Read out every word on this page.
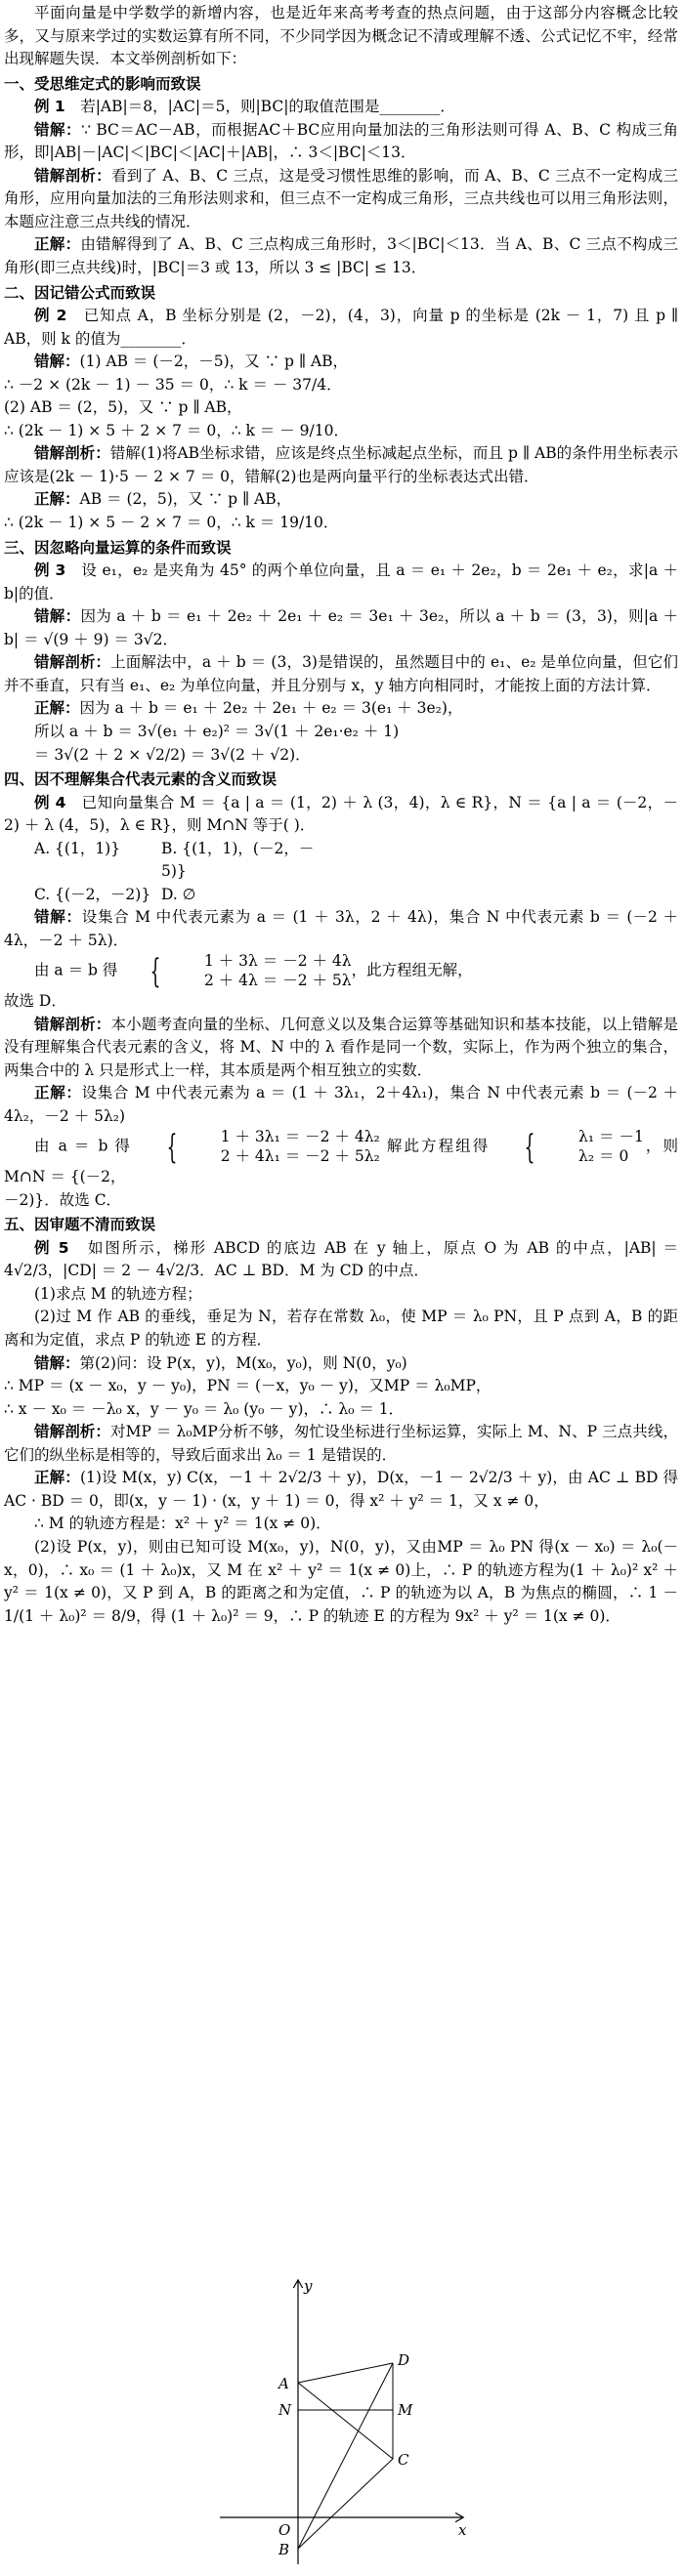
平面向量是中学数学的新增内容，也是近年来高考考查的热点问题，由于这部分内容概念比较多，又与原来学过的实数运算有所不同，不少同学因为概念记不清或理解不透、公式记忆不牢，经常出现解题失误．本文举例剖析如下：

一、受思维定式的影响而致误

例 1　 若|AB|＝8，|AC|＝5，则|BC|的取值范围是________．

错解：∵ BC＝AC－AB，而根据AC＋BC应用向量加法的三角形法则可得 A、B、C 构成三角形，即|AB|－|AC|＜|BC|＜|AC|＋|AB|，∴ 3＜|BC|＜13．

错解剖析：看到了 A、B、C 三点，这是受习惯性思维的影响，而 A、B、C 三点不一定构成三角形，应用向量加法的三角形法则求和，但三点不一定构成三角形，三点共线也可以用三角形法则，本题应注意三点共线的情况．

正解：由错解得到了 A、B、C 三点构成三角形时，3＜|BC|＜13．当 A、B、C 三点不构成三角形(即三点共线)时，|BC|＝3 或 13，所以 3 ≤ |BC| ≤ 13．

二、因记错公式而致误

例 2　 已知点 A，B 坐标分别是 (2，－2)，(4，3)，向量 p 的坐标是 (2k － 1，7) 且 p ∥ AB，则 k 的值为________．

错解：(1) AB ＝ (－2，－5)，又 ∵ p ∥ AB，

∴ －2 × (2k － 1) － 35 ＝ 0，∴ k ＝ － 37/4．

(2) AB ＝ (2，5)，又 ∵ p ∥ AB，

∴ (2k － 1) × 5 ＋ 2 × 7 ＝ 0，∴ k ＝ － 9/10．

错解剖析：错解(1)将AB坐标求错，应该是终点坐标减起点坐标，而且 p ∥ AB的条件用坐标表示应该是(2k － 1)·5 － 2 × 7 ＝ 0，错解(2)也是两向量平行的坐标表达式出错．

正解：AB ＝ (2，5)，又 ∵ p ∥ AB，

∴ (2k － 1) × 5 － 2 × 7 ＝ 0，∴ k ＝ 19/10．

三、因忽略向量运算的条件而致误

例 3　 设 e₁，e₂ 是夹角为 45° 的两个单位向量，且 a ＝ e₁ ＋ 2e₂，b ＝ 2e₁ ＋ e₂，求|a ＋ b|的值．

错解：因为 a ＋ b ＝ e₁ ＋ 2e₂ ＋ 2e₁ ＋ e₂ ＝ 3e₁ ＋ 3e₂，所以 a ＋ b ＝ (3，3)，则|a ＋ b| ＝ √(9 ＋ 9) ＝ 3√2．

错解剖析：上面解法中，a ＋ b ＝ (3，3)是错误的，虽然题目中的 e₁、e₂ 是单位向量，但它们并不垂直，只有当 e₁、e₂ 为单位向量，并且分别与 x，y 轴方向相同时，才能按上面的方法计算．

正解：因为 a ＋ b ＝ e₁ ＋ 2e₂ ＋ 2e₁ ＋ e₂ ＝ 3(e₁ ＋ 3e₂)，

所以 a ＋ b ＝ 3√(e₁ ＋ e₂)² ＝ 3√(1 ＋ 2e₁·e₂ ＋ 1)

＝ 3√(2 ＋ 2 × √2/2) ＝ 3√(2 ＋ √2)．

四、因不理解集合代表元素的含义而致误

例 4　 已知向量集合 M ＝ {a | a ＝ (1，2) ＋ λ (3，4)，λ ∈ R}，N ＝ {a | a ＝ (－2，－2) ＋ λ (4，5)，λ ∈ R}，则 M∩N 等于( )．

A. {(1，1)}	B. {(1，1)，(－2，－5)}
C. {(－2，－2)} D. ∅

错解：设集合 M 中代表元素为 a ＝ (1 ＋ 3λ，2 ＋ 4λ)，集合 N 中代表元素 b ＝ (－2 ＋ 4λ，－2 ＋ 5λ)．

由 a ＝ b 得 {	1 ＋ 3λ ＝ －2 ＋ 4λ
2 ＋ 4λ ＝ －2 ＋ 5λ
，此方程组无解，

故选 D．

错解剖析：本小题考查向量的坐标、几何意义以及集合运算等基础知识和基本技能，以上错解是没有理解集合代表元素的含义，将 M、N 中的 λ 看作是同一个数，实际上，作为两个独立的集合，两集合中的 λ 只是形式上一样，其本质是两个相互独立的实数．

正解：设集合 M 中代表元素为 a ＝ (1 ＋ 3λ₁，2＋4λ₁)，集合 N 中代表元素 b ＝ (－2 ＋ 4λ₂，－2 ＋ 5λ₂)

由 a ＝ b 得	{	1 ＋ 3λ₁ ＝ －2 ＋ 4λ₂
2 ＋ 4λ₁ ＝ －2 ＋ 5λ₂
解此方程组得	{	λ₁ ＝ －1
λ₂ ＝ 0
，则 M∩N ＝ {(－2，

－2)}．故选 C．

五、因审题不清而致误

例 5　 如图所示，梯形 ABCD 的底边 AB 在 y 轴上，原点 O 为 AB 的中点，|AB| ＝ 4√2/3，|CD| ＝ 2 － 4√2/3．AC ⊥ BD．M 为 CD 的中点．

(1)求点 M 的轨迹方程；

(2)过 M 作 AB 的垂线，垂足为 N，若存在常数 λ₀，使 MP ＝ λ₀ PN，且 P 点到 A，B 的距离和为定值，求点 P 的轨迹 E 的方程．

错解：第(2)问：设 P(x，y)，M(x₀，y₀)，则 N(0，y₀)

∴ MP ＝ (x － x₀，y － y₀)，PN ＝ (－x，y₀ － y)，又MP ＝ λ₀MP，

∴ x － x₀ ＝ －λ₀ x，y － y₀ ＝ λ₀ (y₀ － y)，∴ λ₀ ＝ 1．

错解剖析：对MP ＝ λ₀MP分析不够，匆忙设坐标进行坐标运算，实际上 M、N、P 三点共线，它们的纵坐标是相等的，导致后面求出 λ₀ ＝ 1 是错误的．

正解：(1)设 M(x，y) C(x，－1 ＋ 2√2/3 ＋ y)，D(x，－1 － 2√2/3 ＋ y)，由 AC ⊥ BD 得AC · BD ＝ 0，即(x，y － 1) · (x，y ＋ 1) ＝ 0，得 x² ＋ y² ＝ 1，又 x ≠ 0，

∴ M 的轨迹方程是：x² ＋ y² ＝ 1(x ≠ 0)．

(2)设 P(x，y)，则由已知可设 M(x₀，y)，N(0，y)，又由MP ＝ λ₀ PN 得(x － x₀) ＝ λ₀(－x，0)，∴ x₀ ＝ (1 ＋ λ₀)x，又 M 在 x² ＋ y² ＝ 1(x ≠ 0)上，∴ P 的轨迹方程为(1 ＋ λ₀)² x² ＋ y² ＝ 1(x ≠ 0)，又 P 到 A，B 的距离之和为定值，∴ P 的轨迹为以 A，B 为焦点的椭圆，∴ 1 － 1/(1 ＋ λ₀)² ＝ 8/9，得 (1 ＋ λ₀)² ＝ 9，∴ P 的轨迹 E 的方程为 9x² ＋ y² ＝ 1(x ≠ 0)．

y
x
A
N
O
B
D
M
C
